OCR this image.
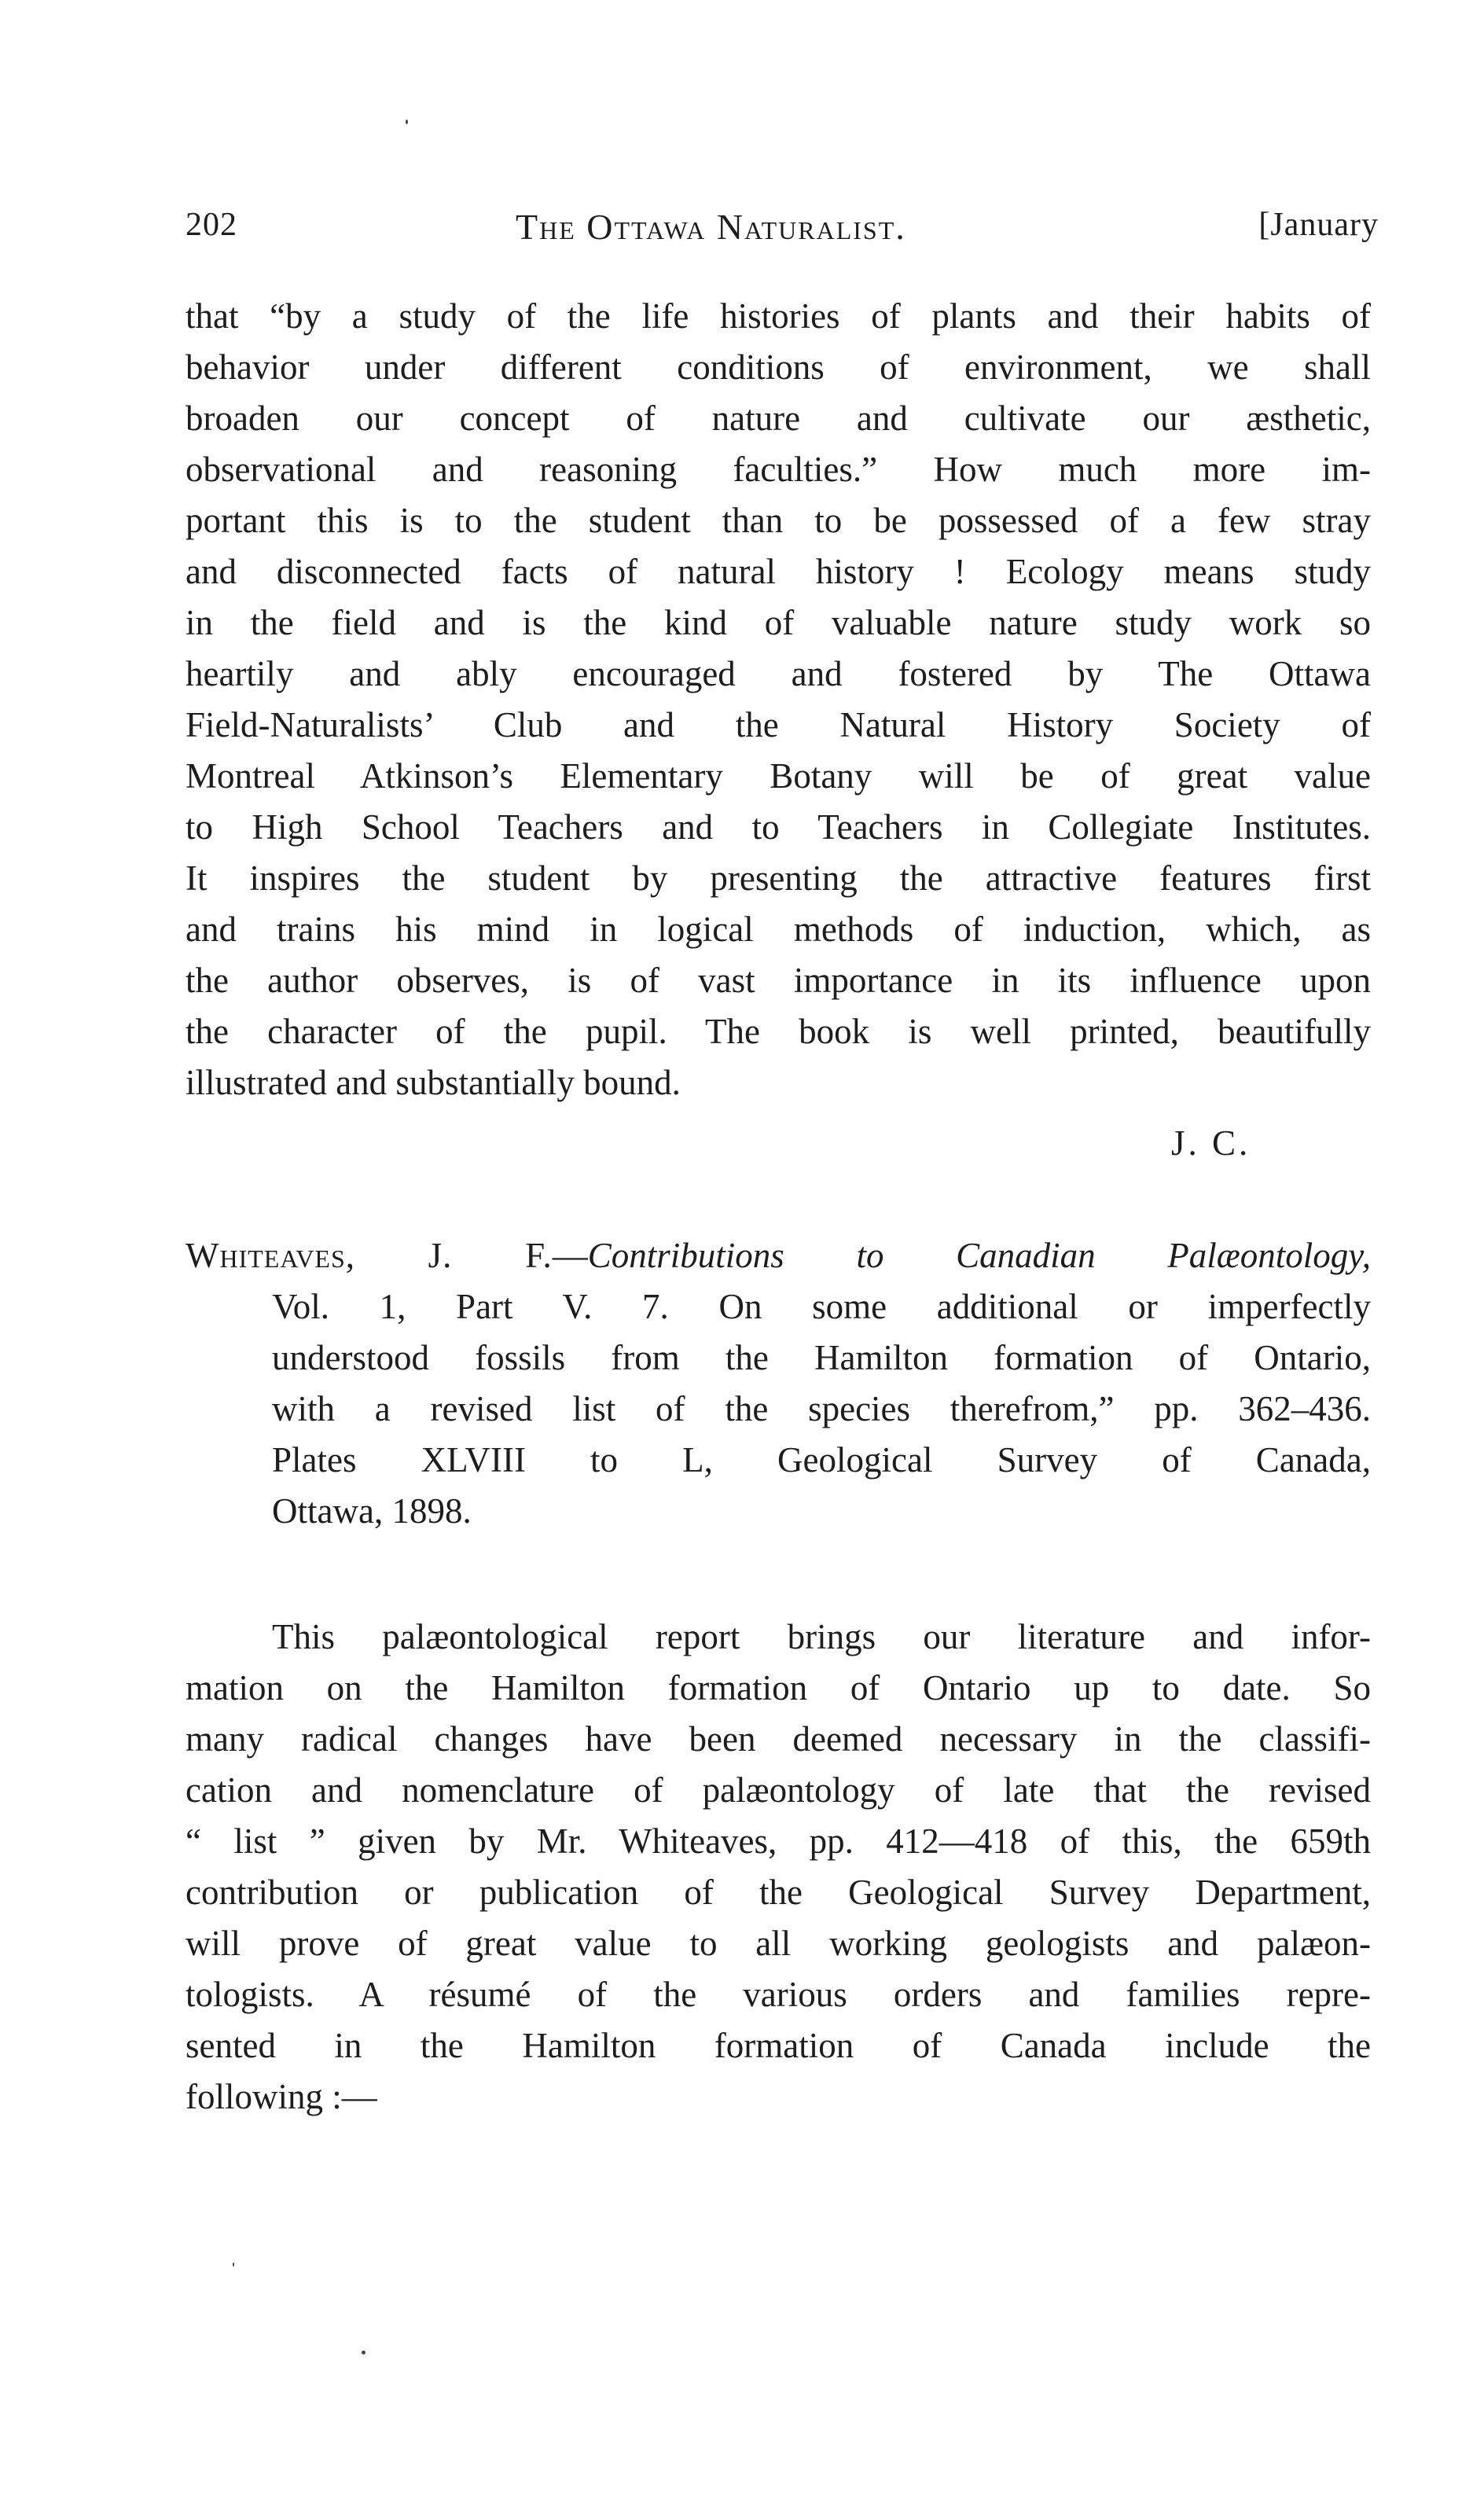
202	The Ottawa Naturalist.	[January
that “by a study of the life histories of plants and their habits of
behavior under different conditions of environment, we shall
broaden our concept of nature and cultivate our æsthetic,
observational and reasoning faculties.” How much more im-
portant this is to the student than to be possessed of a few stray
and disconnected facts of natural history ! Ecology means study
in the field and is the kind of valuable nature study work so
heartily and ably encouraged and fostered by The Ottawa
Field-Naturalists’ Club and the Natural History Society of
Montreal Atkinson’s Elementary Botany will be of great value
to High School Teachers and to Teachers in Collegiate Institutes.
It inspires the student by presenting the attractive features first
and trains his mind in logical methods of induction, which, as
the author observes, is of vast importance in its influence upon
the character of the pupil. The book is well printed, beautifully
illustrated and substantially bound.
J. C.
Whiteaves, J. F.—Contributions to Canadian Palæontology,
Vol. 1, Part V. 7. On some additional or imperfectly
understood fossils from the Hamilton formation of Ontario,
with a revised list of the species therefrom,” pp. 362–436.
Plates XLVIII to L, Geological Survey of Canada,
Ottawa, 1898.
This palæontological report brings our literature and infor-
mation on the Hamilton formation of Ontario up to date. So
many radical changes have been deemed necessary in the classifi-
cation and nomenclature of palæontology of late that the revised
“ list ” given by Mr. Whiteaves, pp. 412—418 of this, the 659th
contribution or publication of the Geological Survey Department,
will prove of great value to all working geologists and palæon-
tologists. A résumé of the various orders and families repre-
sented in the Hamilton formation of Canada include the
following :—
